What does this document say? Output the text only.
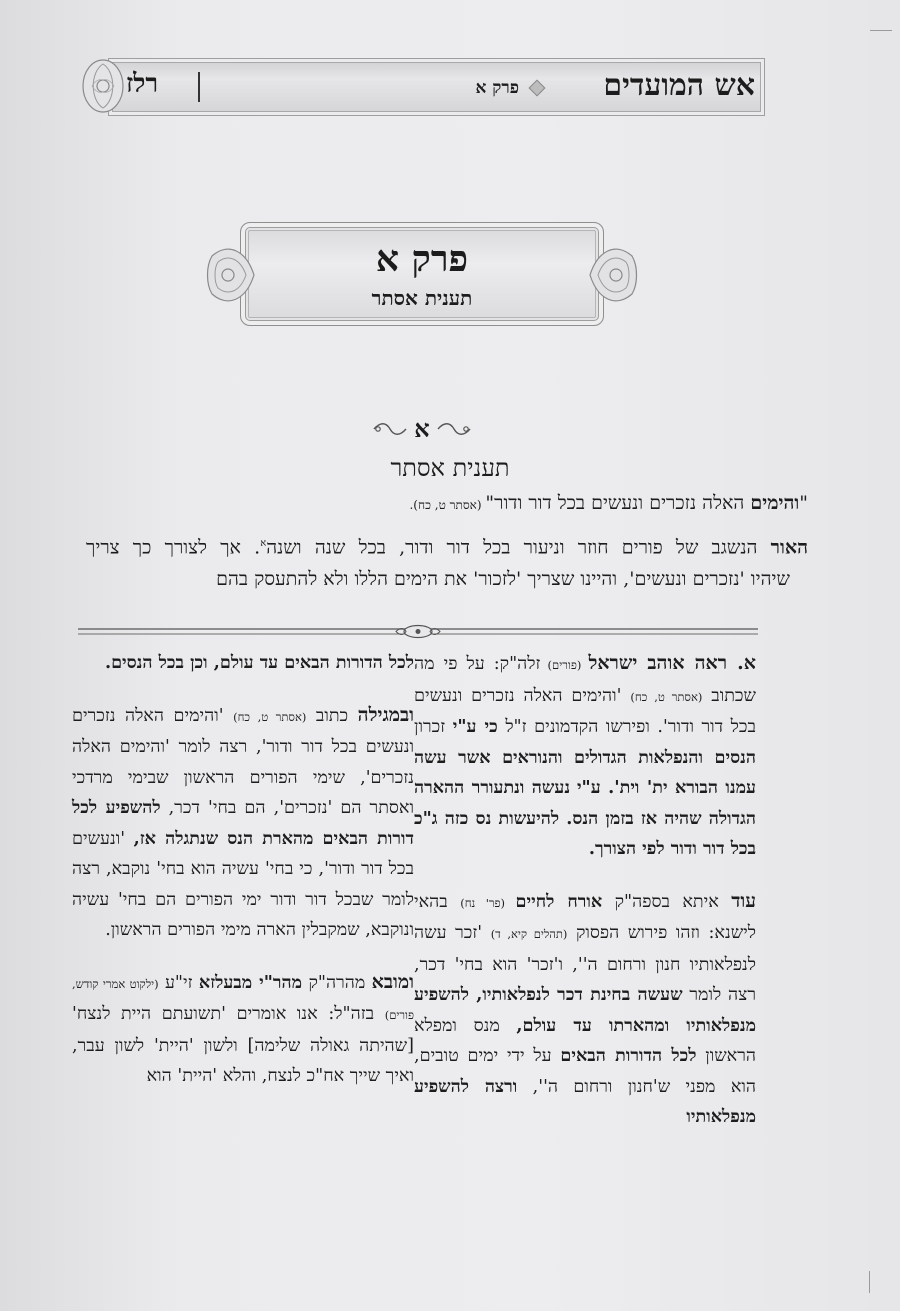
אש המועדים
פרק א
רלז
פרק א
תענית אסתר
א
תענית אסתר
"והימים האלה נזכרים ונעשים בכל דור ודור" (אסתר ט, כח).
האור הנשגב של פורים חוזר וניעור בכל דור ודור, בכל שנה ושנה$^א$. אך לצורך כך צריך
שיהיו 'נזכרים ונעשים', והיינו שצריך 'לזכור' את הימים הללו ולא להתעסק בהם

א. ראה אוהב ישראל (פורים) זלה"ק: על פי מה שכתוב (אסתר ט, כח) 'והימים האלה נזכרים ונעשים בכל דור ודור'. ופירשו הקדמונים ז"ל כי ע"י זכרון הנסים והנפלאות הגדולים והנוראים אשר עשה עמנו הבורא ית' וית'. ע"י נעשה ונתעורר ההארה הגדולה שהיה אז בזמן הנס. להיעשות נס כזה ג"כ בכל דור ודור לפי הצורך.

עוד איתא בספה"ק אורח לחיים (פר' נח) בהאי לישנא: וזהו פירוש הפסוק (תהלים קיא, ד) 'זכר עשה לנפלאותיו חנון ורחום ה'', ו'זכר' הוא בחי' דכר, רצה לומר שעשה בחינת דכר לנפלאותיו, להשפיע מנפלאותיו ומהארתו עד עולם, מנס ומפלא הראשון לכל הדורות הבאים על ידי ימים טובים, הוא מפני ש'חנון ורחום ה'', ורצה להשפיע מנפלאותיו

לכל הדורות הבאים עד עולם, וכן בכל הנסים.

ובמגילה כתוב (אסתר ט, כח) 'והימים האלה נזכרים ונעשים בכל דור ודור', רצה לומר 'והימים האלה נזכרים', שימי הפורים הראשון שבימי מרדכי ואסתר הם 'נזכרים', הם בחי' דכר, להשפיע לכל דורות הבאים מהארת הנס שנתגלה אז, 'ונעשים בכל דור ודור', כי בחי' עשיה הוא בחי' נוקבא, רצה לומר שבכל דור ודור ימי הפורים הם בחי' עשיה ונוקבא, שמקבלין הארה מימי הפורים הראשון.

ומובא מהרה"ק מהר"י מבעלזא זי"ע (ילקוט אמרי קודש, פורים) בזה"ל: אנו אומרים 'תשועתם היית לנצח' [שהיתה גאולה שלימה] ולשון 'היית' לשון עבר, ואיך שייך אח"כ לנצח, והלא 'היית' הוא
